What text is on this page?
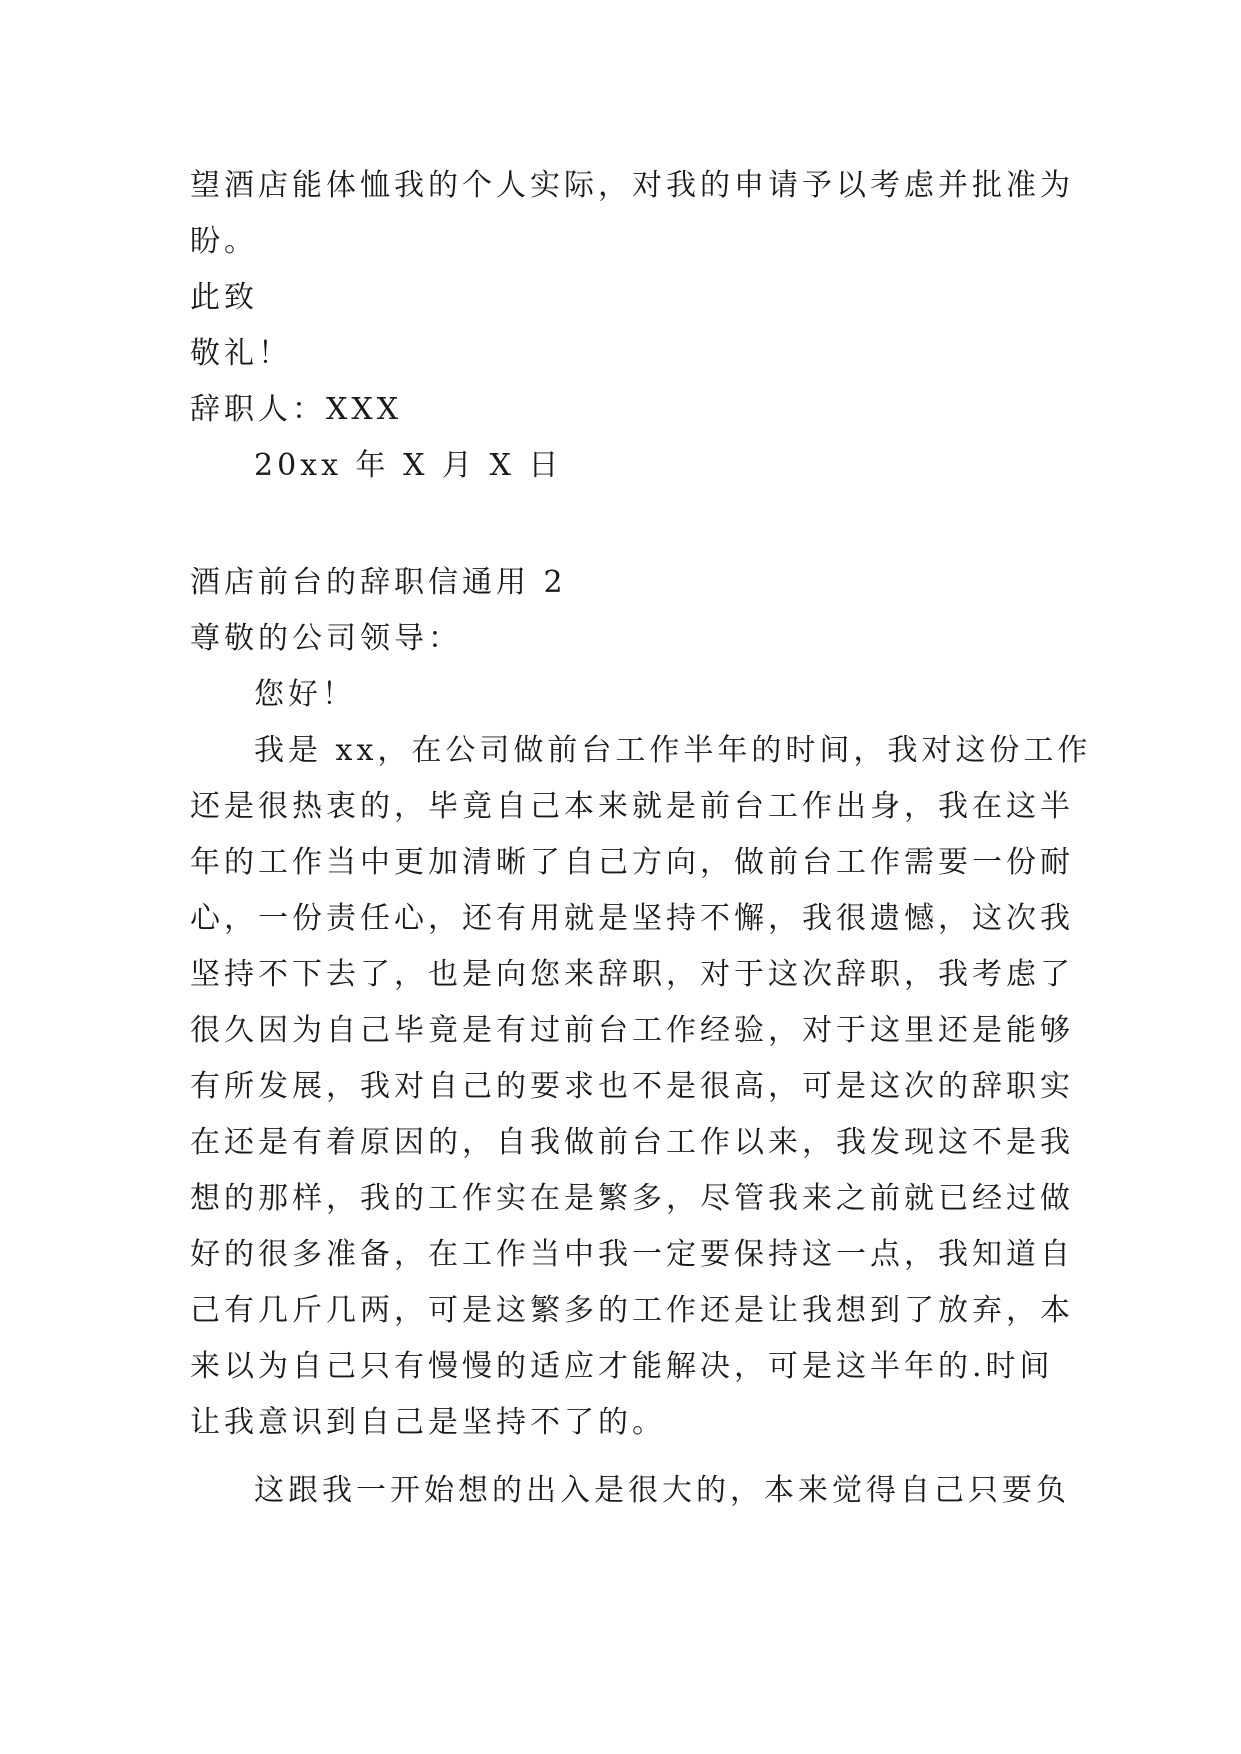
望酒店能体恤我的个人实际，对我的申请予以考虑并批准为
盼。
此致
敬礼！
辞职人：XXX
20xx 年 X 月 X 日
酒店前台的辞职信通用 2
尊敬的公司领导：
您好！
我是 xx，在公司做前台工作半年的时间，我对这份工作
还是很热衷的，毕竟自己本来就是前台工作出身，我在这半
年的工作当中更加清晰了自己方向，做前台工作需要一份耐
心，一份责任心，还有用就是坚持不懈，我很遗憾，这次我
坚持不下去了，也是向您来辞职，对于这次辞职，我考虑了
很久因为自己毕竟是有过前台工作经验，对于这里还是能够
有所发展，我对自己的要求也不是很高，可是这次的辞职实
在还是有着原因的，自我做前台工作以来，我发现这不是我
想的那样，我的工作实在是繁多，尽管我来之前就已经过做
好的很多准备，在工作当中我一定要保持这一点，我知道自
己有几斤几两，可是这繁多的工作还是让我想到了放弃，本
来以为自己只有慢慢的适应才能解决，可是这半年的.时间
让我意识到自己是坚持不了的。
这跟我一开始想的出入是很大的，本来觉得自己只要负
